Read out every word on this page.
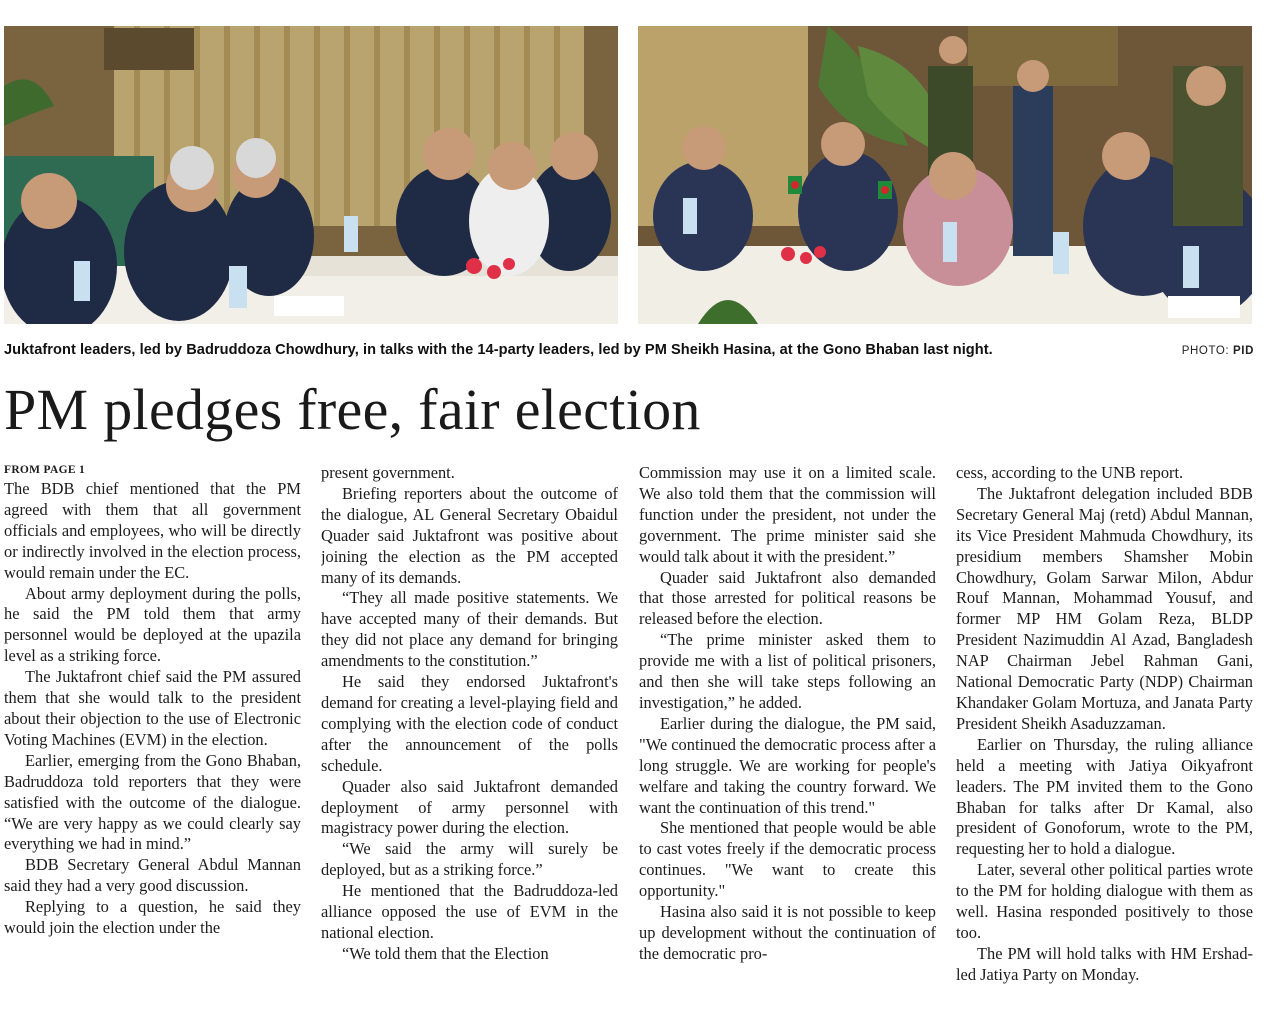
Juktafront leaders, led by Badruddoza Chowdhury, in talks with the 14-party leaders, led by PM Sheikh Hasina, at the Gono Bhaban last night.	PHOTO: PID
PM pledges free, fair election
FROM PAGE 1

The BDB chief mentioned that the PM agreed with them that all government officials and employees, who will be directly or indirectly involved in the election process, would remain under the EC.

About army deployment during the polls, he said the PM told them that army personnel would be deployed at the upazila level as a striking force.

The Juktafront chief said the PM assured them that she would talk to the president about their objection to the use of Electronic Voting Machines (EVM) in the election.

Earlier, emerging from the Gono Bhaban, Badruddoza told reporters that they were satisfied with the outcome of the dialogue. “We are very happy as we could clearly say everything we had in mind.”

BDB Secretary General Abdul Mannan said they had a very good discussion.

Replying to a question, he said they would join the election under the

present government.

Briefing reporters about the outcome of the dialogue, AL General Secretary Obaidul Quader said Juktafront was positive about joining the election as the PM accepted many of its demands.

“They all made positive statements. We have accepted many of their demands. But they did not place any demand for bringing amendments to the constitution.”

He said they endorsed Juktafront's demand for creating a level-playing field and complying with the election code of conduct after the announcement of the polls schedule.

Quader also said Juktafront demanded deployment of army personnel with magistracy power during the election.

“We said the army will surely be deployed, but as a striking force.”

He mentioned that the Badruddoza-led alliance opposed the use of EVM in the national election.

“We told them that the Election

Commission may use it on a limited scale. We also told them that the commission will function under the president, not under the government. The prime minister said she would talk about it with the president.”

Quader said Juktafront also demanded that those arrested for political reasons be released before the election.

“The prime minister asked them to provide me with a list of political prisoners, and then she will take steps following an investigation,” he added.

Earlier during the dialogue, the PM said, "We continued the democratic process after a long struggle. We are working for people's welfare and taking the country forward. We want the continuation of this trend."

She mentioned that people would be able to cast votes freely if the democratic process continues. "We want to create this opportunity."

Hasina also said it is not possible to keep up development without the continuation of the democratic pro-

cess, according to the UNB report.

The Juktafront delegation included BDB Secretary General Maj (retd) Abdul Mannan, its Vice President Mahmuda Chowdhury, its presidium members Shamsher Mobin Chowdhury, Golam Sarwar Milon, Abdur Rouf Mannan, Mohammad Yousuf, and former MP HM Golam Reza, BLDP President Nazimuddin Al Azad, Bangladesh NAP Chairman Jebel Rahman Gani, National Democratic Party (NDP) Chairman Khandaker Golam Mortuza, and Janata Party President Sheikh Asaduzzaman.

Earlier on Thursday, the ruling alliance held a meeting with Jatiya Oikyafront leaders. The PM invited them to the Gono Bhaban for talks after Dr Kamal, also president of Gonoforum, wrote to the PM, requesting her to hold a dialogue.

Later, several other political parties wrote to the PM for holding dialogue with them as well. Hasina responded positively to those too.

The PM will hold talks with HM Ershad-led Jatiya Party on Monday.
